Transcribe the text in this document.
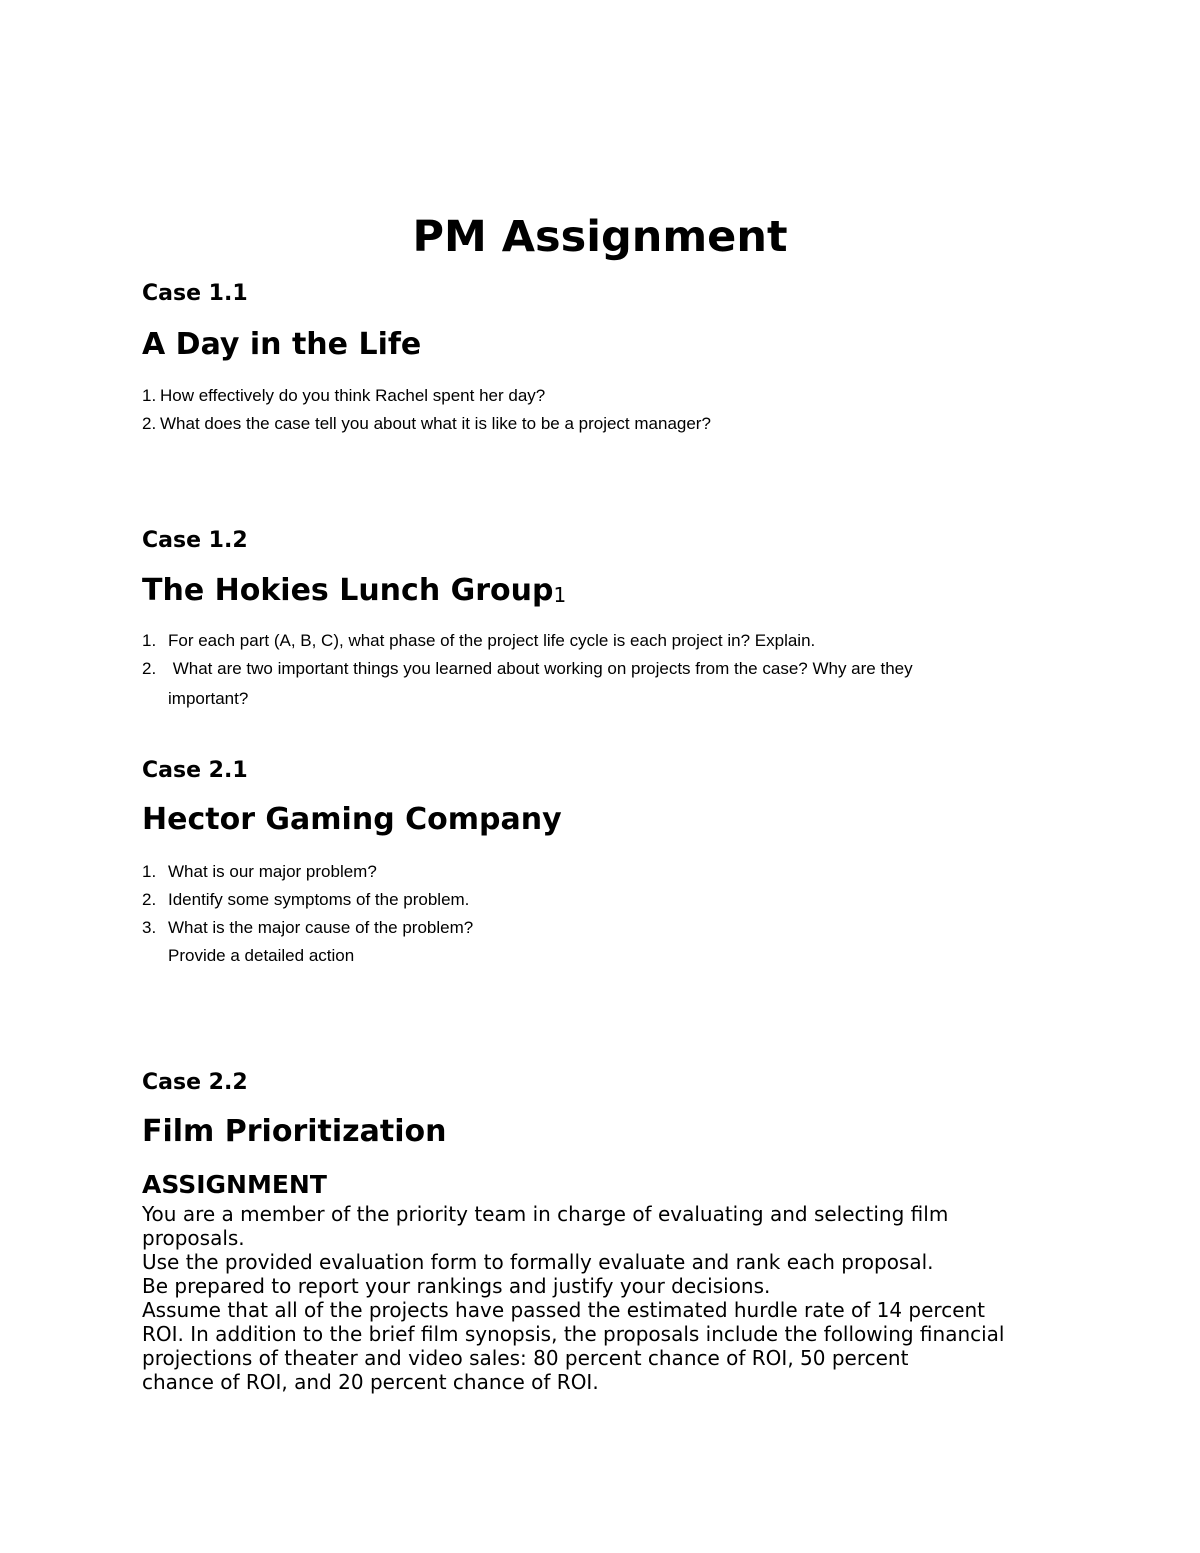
PM Assignment
Case 1.1
A Day in the Life
1. How effectively do you think Rachel spent her day?
2. What does the case tell you about what it is like to be a project manager?
Case 1.2
The Hokies Lunch Group$^1$
1. For each part (A, B, C), what phase of the project life cycle is each project in? Explain.
2. What are two important things you learned about working on projects from the case? Why are they
important?
Case 2.1
Hector Gaming Company
1. What is our major problem?
2. Identify some symptoms of the problem.
3. What is the major cause of the problem?
Provide a detailed action
Case 2.2
Film Prioritization
ASSIGNMENT
You are a member of the priority team in charge of evaluating and selecting film
proposals.
Use the provided evaluation form to formally evaluate and rank each proposal.
Be prepared to report your rankings and justify your decisions.
Assume that all of the projects have passed the estimated hurdle rate of 14 percent
ROI. In addition to the brief film synopsis, the proposals include the following financial
projections of theater and video sales: 80 percent chance of ROI, 50 percent
chance of ROI, and 20 percent chance of ROI.
